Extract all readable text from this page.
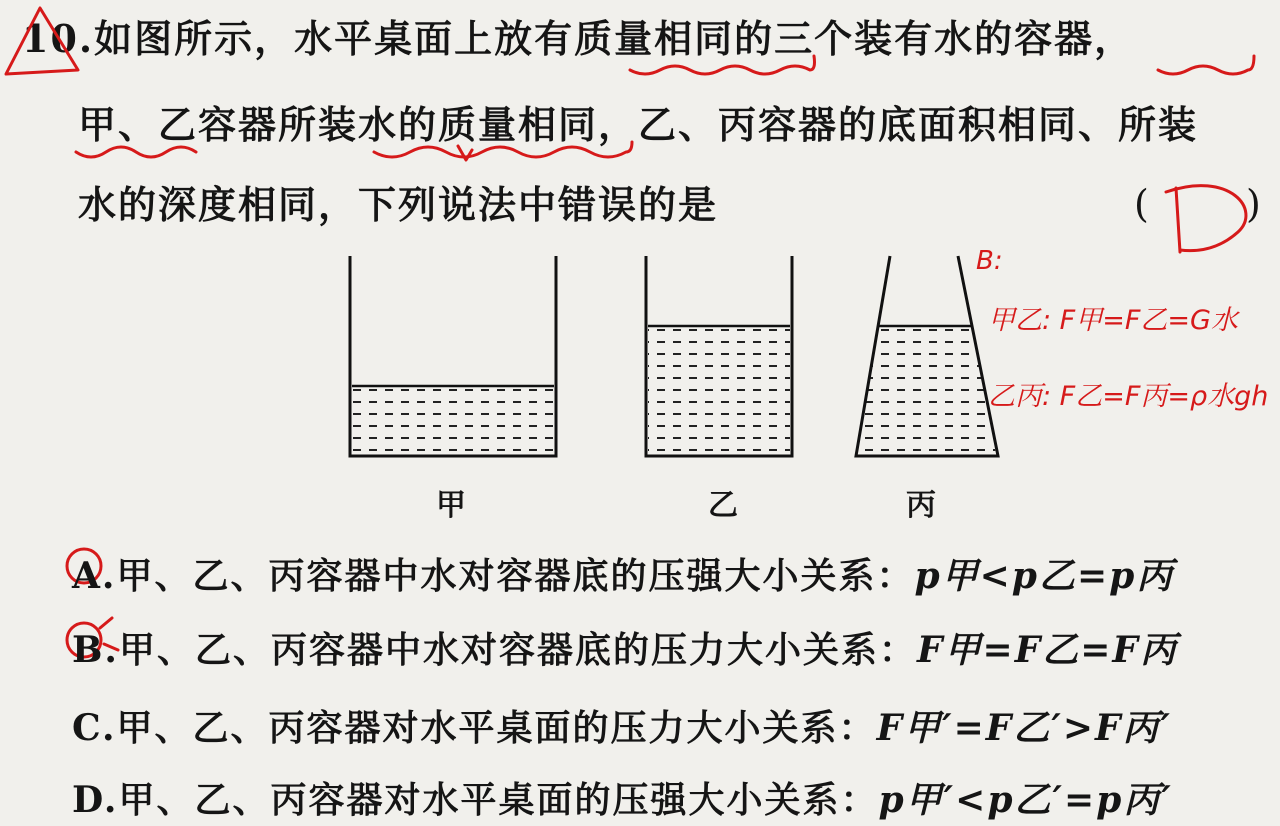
10.如图所示，水平桌面上放有质量相同的三个装有水的容器，
甲、乙容器所装水的质量相同，乙、丙容器的底面积相同、所装
水的深度相同，下列说法中错误的是	(	)
甲	乙	丙
B:
甲乙: F甲=F乙=G水
乙丙: F乙=F丙=ρ水gh
A.甲、乙、丙容器中水对容器底的压强大小关系：p甲<p乙=p丙
B.甲、乙、丙容器中水对容器底的压力大小关系：F甲=F乙=F丙
C.甲、乙、丙容器对水平桌面的压力大小关系：F甲′=F乙′>F丙′
D.甲、乙、丙容器对水平桌面的压强大小关系：p甲′<p乙′=p丙′
